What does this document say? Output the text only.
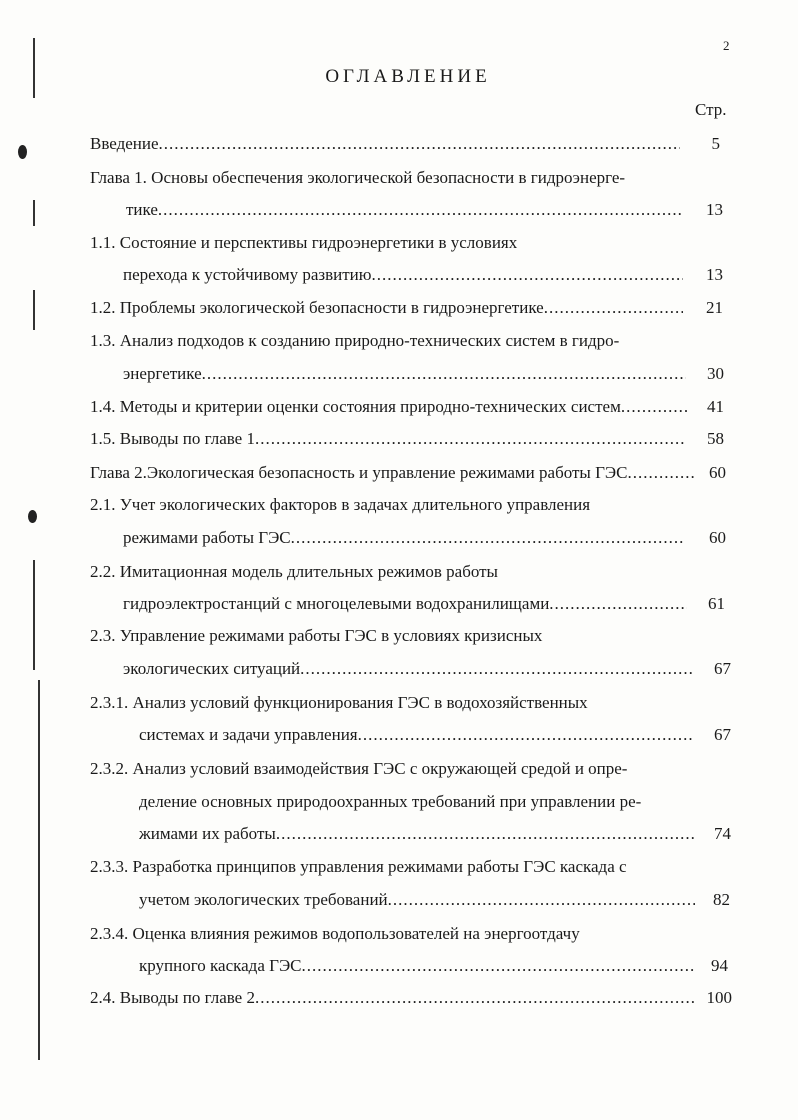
2
ОГЛАВЛЕНИЕ
Стр.
Введение .....	5
Глава 1. Основы обеспечения экологической безопасности в гидроэнерге-
тике .....	13
1.1. Состояние и перспективы гидроэнергетики в условиях
перехода к устойчивому развитию .....	13
1.2. Проблемы экологической безопасности в гидроэнергетике .....	21
1.3. Анализ подходов к созданию природно-технических систем в гидро-
энергетике .....	30
1.4. Методы и критерии оценки состояния природно-технических систем .....	41
1.5. Выводы по главе 1 .....	58
Глава 2.Экологическая безопасность и управление режимами работы ГЭС .....	60
2.1. Учет экологических факторов в задачах длительного управления
режимами работы ГЭС .....	60
2.2. Имитационная модель длительных режимов работы
гидроэлектростанций с многоцелевыми водохранилищами .....	61
2.3. Управление режимами работы ГЭС в условиях кризисных
экологических ситуаций .....	67
2.3.1. Анализ условий функционирования ГЭС в водохозяйственных
системах и задачи управления .....	67
2.3.2. Анализ условий взаимодействия ГЭС с окружающей средой и опре-
деление основных природоохранных требований при управлении ре-
жимами их работы .....	74
2.3.3. Разработка принципов управления режимами работы ГЭС каскада с
учетом экологических требований .....	82
2.3.4. Оценка влияния режимов водопользователей на энергоотдачу
крупного каскада ГЭС .....	94
2.4. Выводы по главе 2 .....	100
